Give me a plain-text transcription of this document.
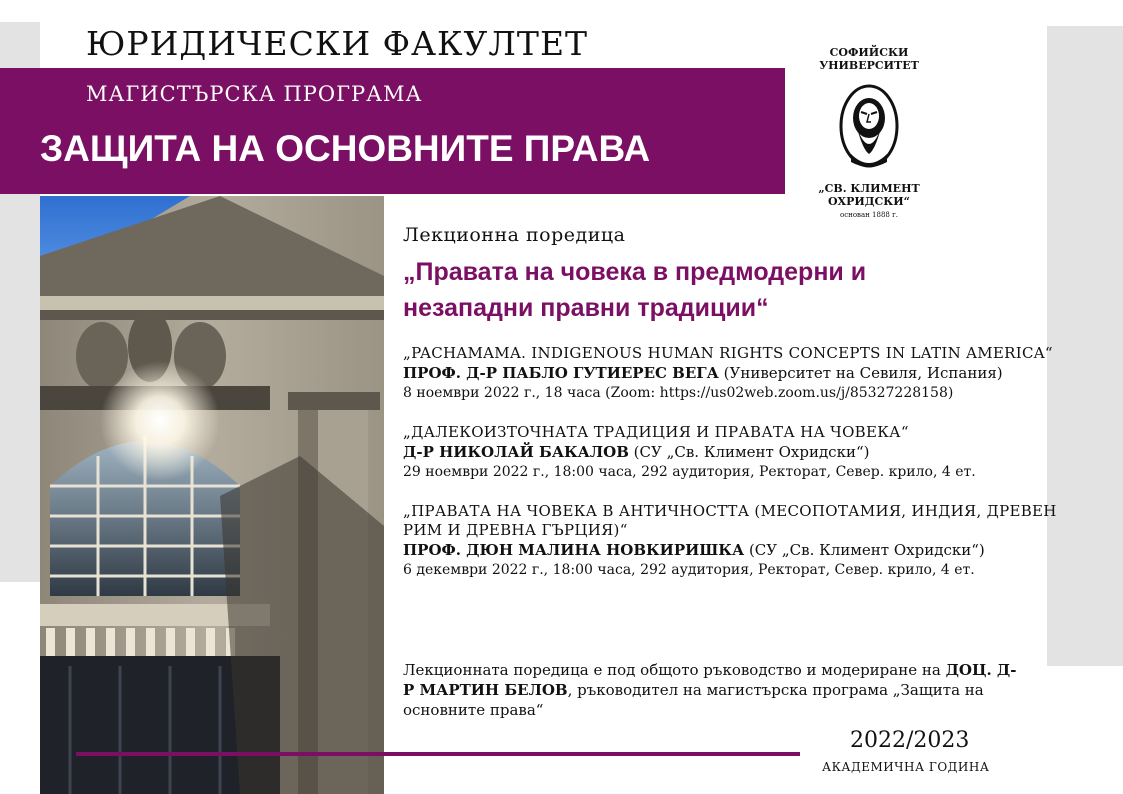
ЮРИДИЧЕСКИ ФАКУЛТЕТ
МАГИСТЪРСКА ПРОГРАМА
ЗАЩИТА НА ОСНОВНИТЕ ПРАВА
СОФИЙСКИ
УНИВЕРСИТЕТ
„СВ. КЛИМЕНТ
ОХРИДСКИ“
основан 1888 г.
Лекционна поредица
„Правата на човека в предмодерни и незападни правни традиции“
„PACHAMAMA. INDIGENOUS HUMAN RIGHTS CONCEPTS IN LATIN AMERICA“
ПРОФ. Д-Р ПАБЛО ГУТИЕРЕС ВЕГА (Университет на Севиля, Испания)
8 ноември 2022 г., 18 часа (Zoom: https://us02web.zoom.us/j/85327228158)
„ДАЛЕКОИЗТОЧНАТА ТРАДИЦИЯ И ПРАВАТА НА ЧОВЕКА“
Д-Р НИКОЛАЙ БАКАЛОВ (СУ „Св. Климент Охридски“)
29 ноември 2022 г., 18:00 часа, 292 аудитория, Ректорат, Север. крило, 4 ет.
„ПРАВАТА НА ЧОВЕКА В АНТИЧНОСТТА (МЕСОПОТАМИЯ, ИНДИЯ, ДРЕВЕН РИМ И ДРЕВНА ГЪРЦИЯ)“
ПРОФ. ДЮН МАЛИНА НОВКИРИШКА (СУ „Св. Климент Охридски“)
6 декември 2022 г., 18:00 часа, 292 аудитория, Ректорат, Север. крило, 4 ет.
Лекционната поредица е под общото ръководство и модериране на ДОЦ. Д-Р МАРТИН БЕЛОВ, ръководител на магистърска програма „Защита на основните права“
2022/2023
АКАДЕМИЧНА ГОДИНА
